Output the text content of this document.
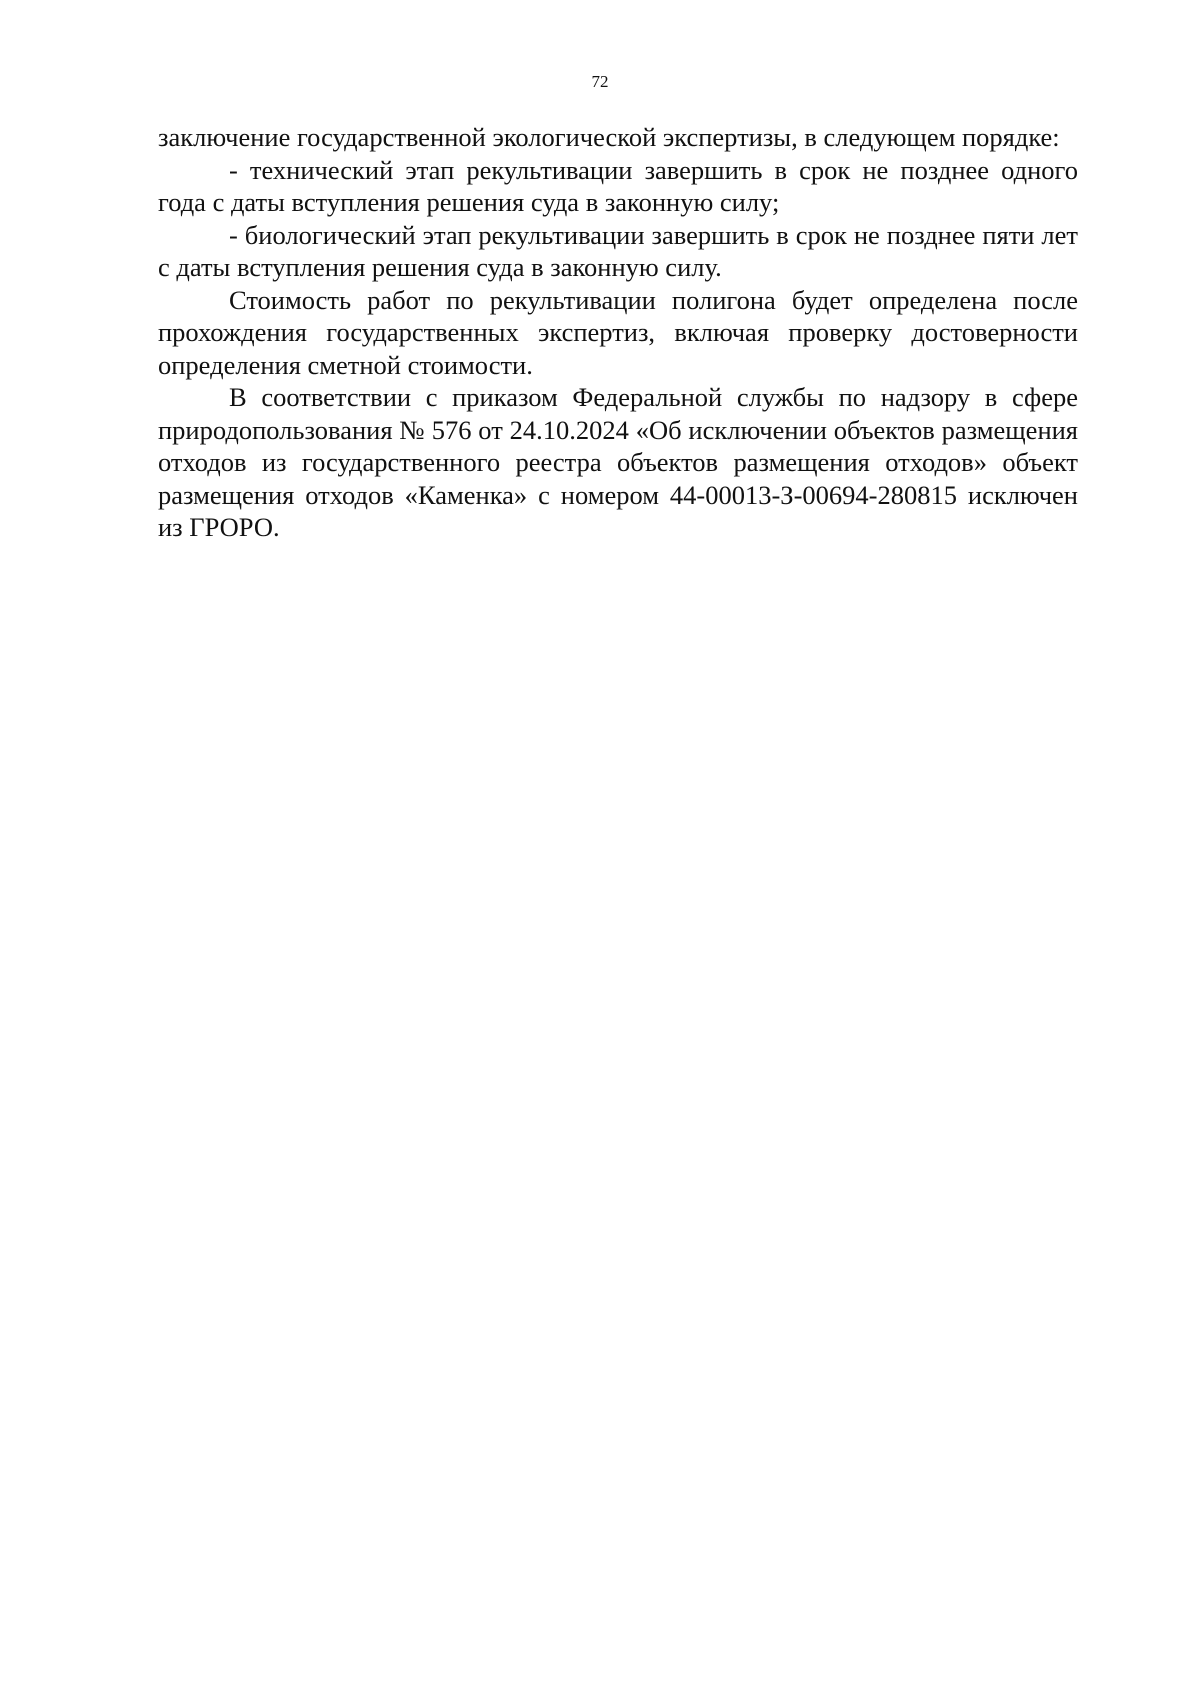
72

заключение государственной экологической экспертизы, в следующем порядке:

- технический этап рекультивации завершить в срок не позднее одного года с даты вступления решения суда в законную силу;

- биологический этап рекультивации завершить в срок не позднее пяти лет с даты вступления решения суда в законную силу.

Стоимость работ по рекультивации полигона будет определена после прохождения государственных экспертиз, включая проверку достоверности определения сметной стоимости.

В соответствии с приказом Федеральной службы по надзору в сфере природопользования № 576 от 24.10.2024 «Об исключении объектов размещения отходов из государственного реестра объектов размещения отходов» объект размещения отходов «Каменка» с номером 44-00013-З-00694-280815 исключен из ГРОРО.
